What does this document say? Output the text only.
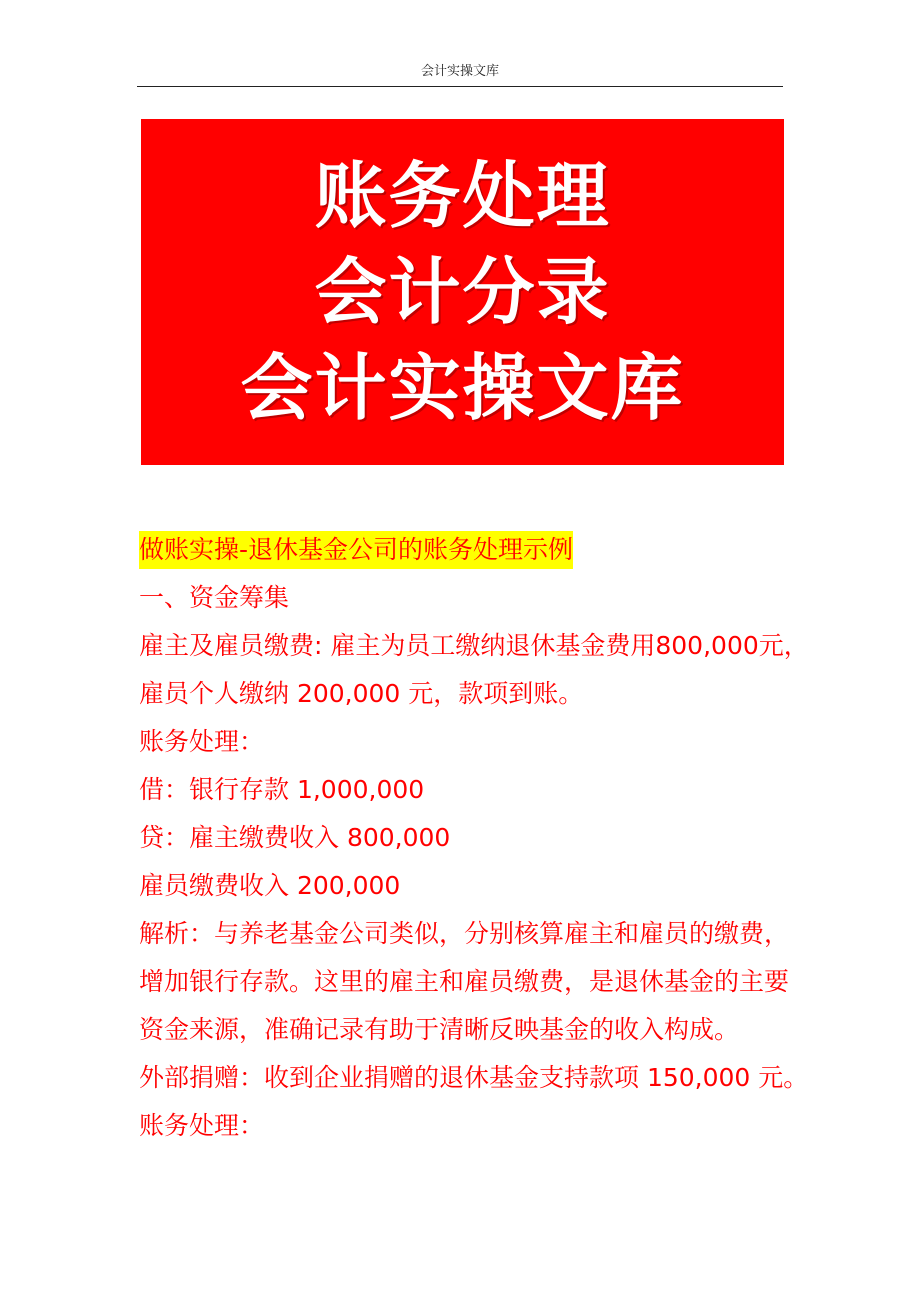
会计实操文库
账务处理
会计分录
会计实操文库

做账实操-退休基金公司的账务处理示例

一、资金筹集

雇主及雇员缴费: 雇主为员工缴纳退休基金费用800,000元，

雇员个人缴纳 200,000 元，款项到账。

账务处理：

借：银行存款 1,000,000

贷：雇主缴费收入 800,000

雇员缴费收入 200,000

解析：与养老基金公司类似，分别核算雇主和雇员的缴费，

增加银行存款。这里的雇主和雇员缴费，是退休基金的主要

资金来源，准确记录有助于清晰反映基金的收入构成。

外部捐赠：收到企业捐赠的退休基金支持款项 150,000 元。

账务处理：
